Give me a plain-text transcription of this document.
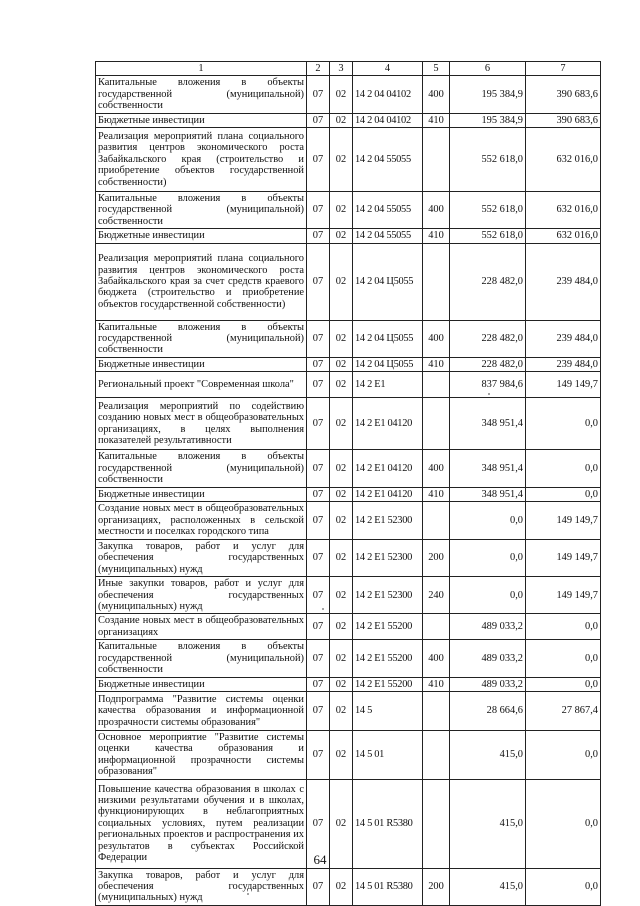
1	2	3	4	5	6	7
Капитальные вложения в объекты государственной (муниципальной) собственности	07	02	14 2 04 04102	400	195 384,9	390 683,6
Бюджетные инвестиции	07	02	14 2 04 04102	410	195 384,9	390 683,6
Реализация мероприятий плана социального развития центров экономического роста Забайкальского края (строительство и приобретение объектов государственной собственности)	07	02	14 2 04 55055		552 618,0	632 016,0
Капитальные вложения в объекты государственной (муниципальной) собственности	07	02	14 2 04 55055	400	552 618,0	632 016,0
Бюджетные инвестиции	07	02	14 2 04 55055	410	552 618,0	632 016,0
Реализация мероприятий плана социального развития центров экономического роста Забайкальского края за счет средств краевого бюджета (строительство и приобретение объектов государственной собственности)	07	02	14 2 04 Ц5055		228 482,0	239 484,0
Капитальные вложения в объекты государственной (муниципальной) собственности	07	02	14 2 04 Ц5055	400	228 482,0	239 484,0
Бюджетные инвестиции	07	02	14 2 04 Ц5055	410	228 482,0	239 484,0
Региональный проект "Современная школа"	07	02	14 2 E1		837 984,6	149 149,7
Реализация мероприятий по содействию созданию новых мест в общеобразовательных организациях, в целях выполнения показателей результативности	07	02	14 2 E1 04120		348 951,4	0,0
Капитальные вложения в объекты государственной (муниципальной) собственности	07	02	14 2 E1 04120	400	348 951,4	0,0
Бюджетные инвестиции	07	02	14 2 E1 04120	410	348 951,4	0,0
Создание новых мест в общеобразовательных организациях, расположенных в сельской местности и поселках городского типа	07	02	14 2 E1 52300		0,0	149 149,7
Закупка товаров, работ и услуг для обеспечения государственных (муниципальных) нужд	07	02	14 2 E1 52300	200	0,0	149 149,7
Иные закупки товаров, работ и услуг для обеспечения государственных (муниципальных) нужд	07	02	14 2 E1 52300	240	0,0	149 149,7
Создание новых мест в общеобразовательных организациях	07	02	14 2 E1 55200		489 033,2	0,0
Капитальные вложения в объекты государственной (муниципальной) собственности	07	02	14 2 E1 55200	400	489 033,2	0,0
Бюджетные инвестиции	07	02	14 2 E1 55200	410	489 033,2	0,0
Подпрограмма "Развитие системы оценки качества образования и информационной прозрачности системы образования"	07	02	14 5		28 664,6	27 867,4
Основное мероприятие "Развитие системы оценки качества образования и информационной прозрачности системы образования"	07	02	14 5 01		415,0	0,0
Повышение качества образования в школах с низкими результатами обучения и в школах, функционирующих в неблагоприятных социальных условиях, путем реализации региональных проектов и распространения их результатов в субъектах Российской Федерации	07	02	14 5 01 R5380		415,0	0,0
Закупка товаров, работ и услуг для обеспечения государственных (муниципальных) нужд	07	02	14 5 01 R5380	200	415,0	0,0
64
